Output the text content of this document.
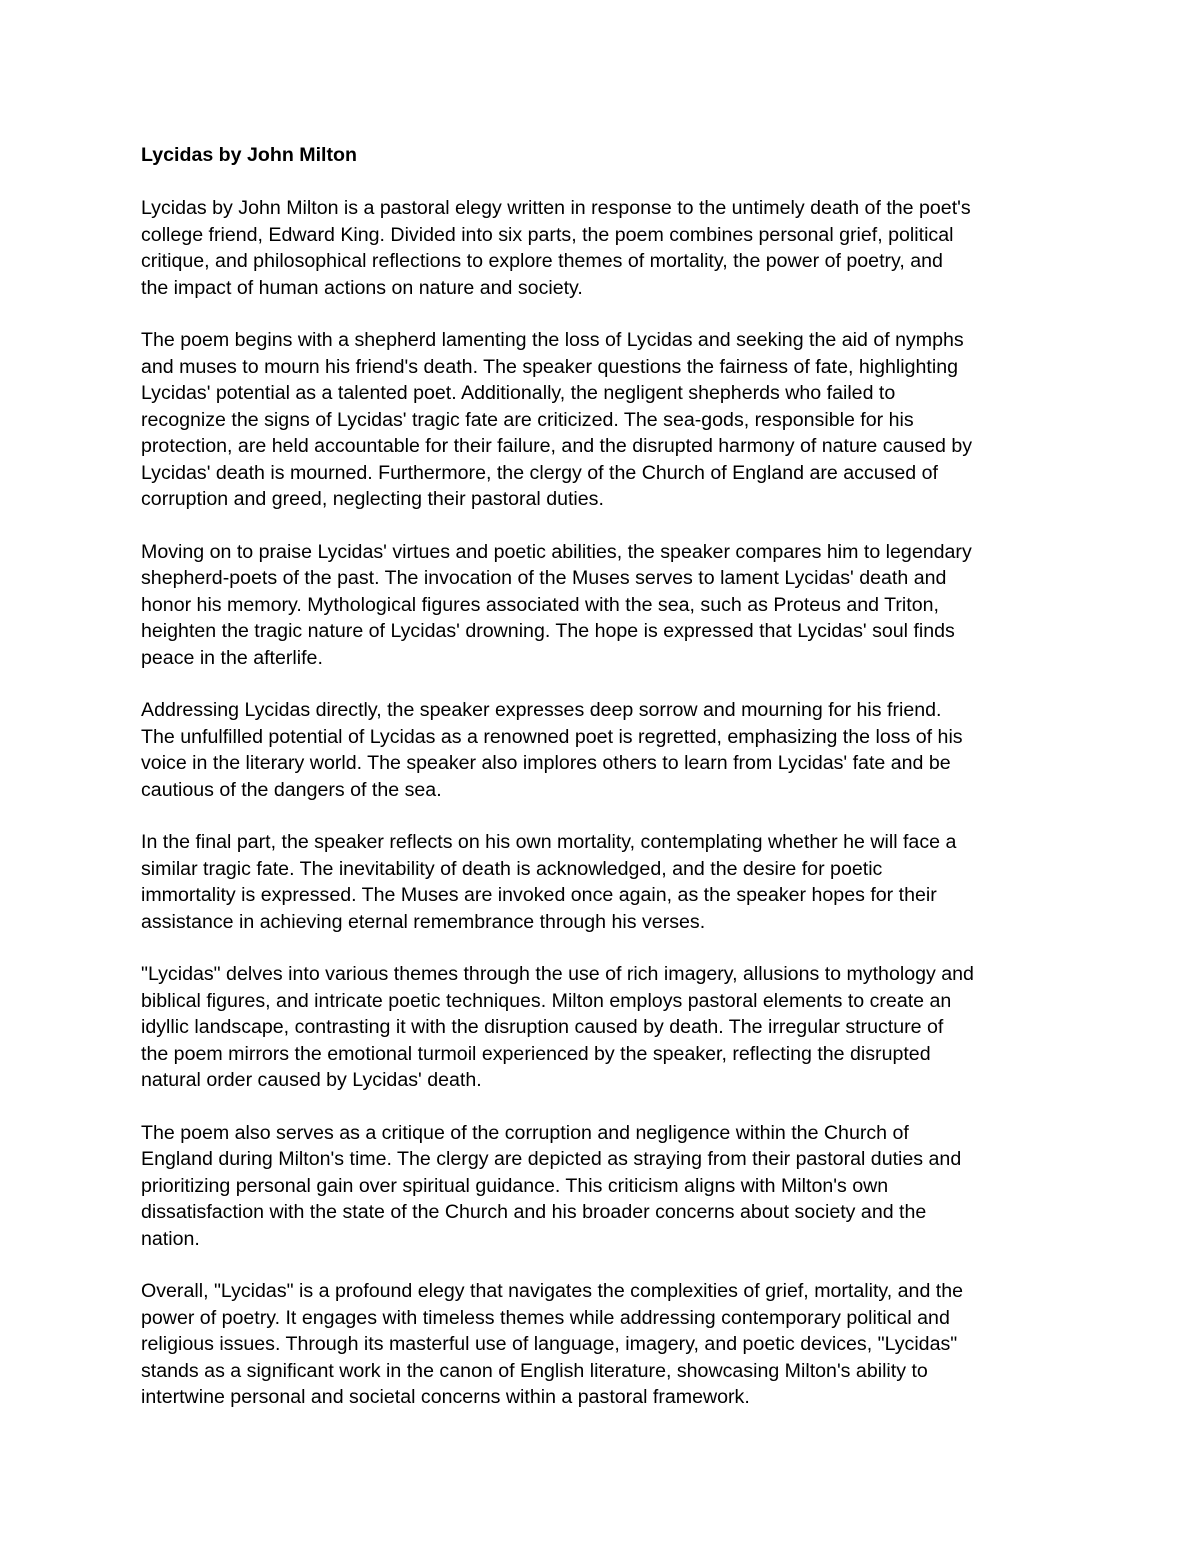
Lycidas by John Milton

Lycidas by John Milton is a pastoral elegy written in response to the untimely death of the poet's
college friend, Edward King. Divided into six parts, the poem combines personal grief, political
critique, and philosophical reflections to explore themes of mortality, the power of poetry, and
the impact of human actions on nature and society.

The poem begins with a shepherd lamenting the loss of Lycidas and seeking the aid of nymphs
and muses to mourn his friend's death. The speaker questions the fairness of fate, highlighting
Lycidas' potential as a talented poet. Additionally, the negligent shepherds who failed to
recognize the signs of Lycidas' tragic fate are criticized. The sea-gods, responsible for his
protection, are held accountable for their failure, and the disrupted harmony of nature caused by
Lycidas' death is mourned. Furthermore, the clergy of the Church of England are accused of
corruption and greed, neglecting their pastoral duties.

Moving on to praise Lycidas' virtues and poetic abilities, the speaker compares him to legendary
shepherd-poets of the past. The invocation of the Muses serves to lament Lycidas' death and
honor his memory. Mythological figures associated with the sea, such as Proteus and Triton,
heighten the tragic nature of Lycidas' drowning. The hope is expressed that Lycidas' soul finds
peace in the afterlife.

Addressing Lycidas directly, the speaker expresses deep sorrow and mourning for his friend.
The unfulfilled potential of Lycidas as a renowned poet is regretted, emphasizing the loss of his
voice in the literary world. The speaker also implores others to learn from Lycidas' fate and be
cautious of the dangers of the sea.

In the final part, the speaker reflects on his own mortality, contemplating whether he will face a
similar tragic fate. The inevitability of death is acknowledged, and the desire for poetic
immortality is expressed. The Muses are invoked once again, as the speaker hopes for their
assistance in achieving eternal remembrance through his verses.

"Lycidas" delves into various themes through the use of rich imagery, allusions to mythology and
biblical figures, and intricate poetic techniques. Milton employs pastoral elements to create an
idyllic landscape, contrasting it with the disruption caused by death. The irregular structure of
the poem mirrors the emotional turmoil experienced by the speaker, reflecting the disrupted
natural order caused by Lycidas' death.

The poem also serves as a critique of the corruption and negligence within the Church of
England during Milton's time. The clergy are depicted as straying from their pastoral duties and
prioritizing personal gain over spiritual guidance. This criticism aligns with Milton's own
dissatisfaction with the state of the Church and his broader concerns about society and the
nation.

Overall, "Lycidas" is a profound elegy that navigates the complexities of grief, mortality, and the
power of poetry. It engages with timeless themes while addressing contemporary political and
religious issues. Through its masterful use of language, imagery, and poetic devices, "Lycidas"
stands as a significant work in the canon of English literature, showcasing Milton's ability to
intertwine personal and societal concerns within a pastoral framework.
